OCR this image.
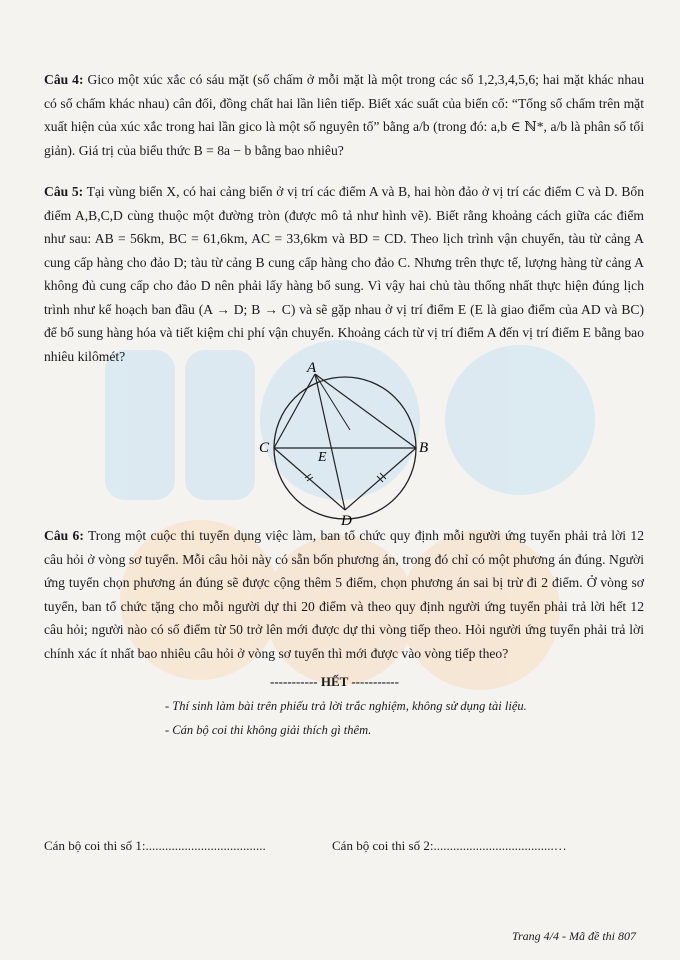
Câu 4: Gico một xúc xắc có sáu mặt (số chấm ở mỗi mặt là một trong các số 1,2,3,4,5,6; hai mặt khác nhau có số chấm khác nhau) cân đối, đồng chất hai lần liên tiếp. Biết xác suất của biến cố: “Tổng số chấm trên mặt xuất hiện của xúc xắc trong hai lần gico là một số nguyên tố” bằng a/b (trong đó: a,b ∈ ℕ*, a/b là phân số tối giản). Giá trị của biểu thức B = 8a − b bằng bao nhiêu?
Câu 5: Tại vùng biển X, có hai cảng biển ở vị trí các điểm A và B, hai hòn đảo ở vị trí các điểm C và D. Bốn điểm A,B,C,D cùng thuộc một đường tròn (được mô tả như hình vẽ). Biết rằng khoảng cách giữa các điểm như sau: AB = 56km, BC = 61,6km, AC = 33,6km và BD = CD. Theo lịch trình vận chuyển, tàu từ cảng A cung cấp hàng cho đảo D; tàu từ cảng B cung cấp hàng cho đảo C. Nhưng trên thực tế, lượng hàng từ cảng A không đủ cung cấp cho đảo D nên phải lấy hàng bổ sung. Vì vậy hai chủ tàu thống nhất thực hiện đúng lịch trình như kế hoạch ban đầu (A → D; B → C) và sẽ gặp nhau ở vị trí điểm E (E là giao điểm của AD và BC) để bổ sung hàng hóa và tiết kiệm chi phí vận chuyển. Khoảng cách từ vị trí điểm A đến vị trí điểm E bằng bao nhiêu kilômét?
A
B
C
D
E
Câu 6: Trong một cuộc thi tuyển dụng việc làm, ban tổ chức quy định mỗi người ứng tuyển phải trả lời 12 câu hỏi ở vòng sơ tuyển. Mỗi câu hỏi này có sẵn bốn phương án, trong đó chỉ có một phương án đúng. Người ứng tuyển chọn phương án đúng sẽ được cộng thêm 5 điểm, chọn phương án sai bị trừ đi 2 điểm. Ở vòng sơ tuyển, ban tổ chức tặng cho mỗi người dự thi 20 điểm và theo quy định người ứng tuyển phải trả lời hết 12 câu hỏi; người nào có số điểm từ 50 trở lên mới được dự thi vòng tiếp theo. Hỏi người ứng tuyển phải trả lời chính xác ít nhất bao nhiêu câu hỏi ở vòng sơ tuyển thì mới được vào vòng tiếp theo?
----------- HẾT -----------
- Thí sinh làm bài trên phiếu trả lời trắc nghiệm, không sử dụng tài liệu.
- Cán bộ coi thi không giải thích gì thêm.
Cán bộ coi thi số 1:.....................................	Cán bộ coi thi số 2:.....................................…
Trang 4/4 - Mã đề thi 807
